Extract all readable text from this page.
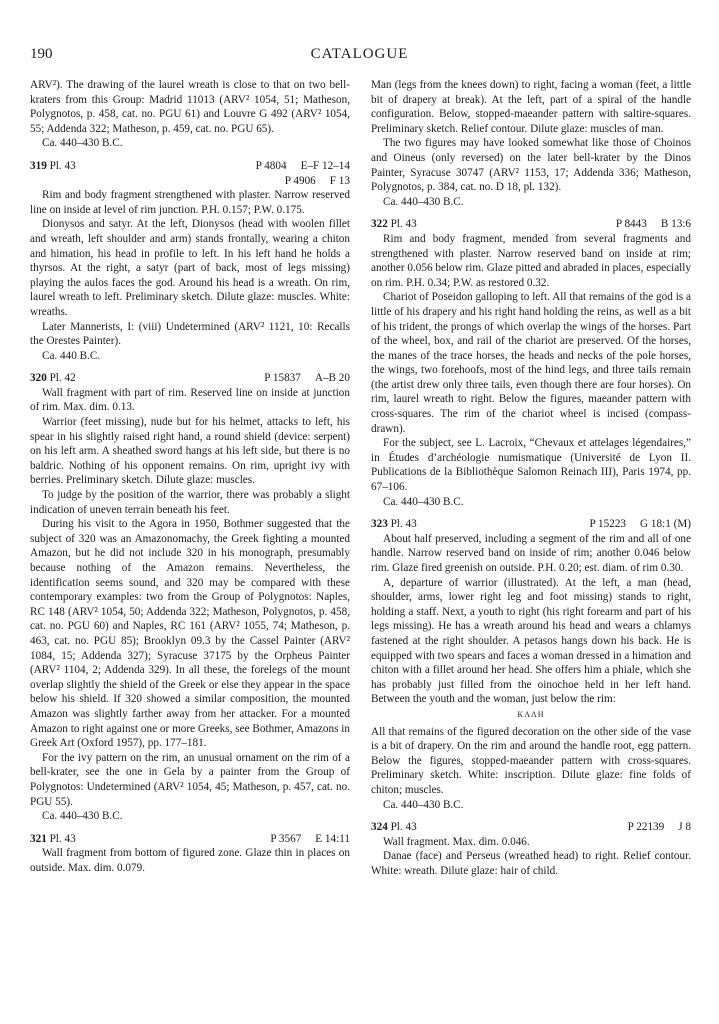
190	CATALOGUE

ARV²). The drawing of the laurel wreath is close to that on two bell-kraters from this Group: Madrid 11013 (ARV² 1054, 51; Matheson, Polygnotos, p. 458, cat. no. PGU 61) and Louvre G 492 (ARV² 1054, 55; Addenda 322; Matheson, p. 459, cat. no. PGU 65).

Ca. 440–430 B.C.

319 Pl. 43	P 4804 E–F 12–14
P 4906 F 13

Rim and body fragment strengthened with plaster. Narrow reserved line on inside at level of rim junction. P.H. 0.157; P.W. 0.175.

Dionysos and satyr. At the left, Dionysos (head with woolen fillet and wreath, left shoulder and arm) stands frontally, wearing a chiton and himation, his head in profile to left. In his left hand he holds a thyrsos. At the right, a satyr (part of back, most of legs missing) playing the aulos faces the god. Around his head is a wreath. On rim, laurel wreath to left. Preliminary sketch. Dilute glaze: muscles. White: wreaths.

Later Mannerists, I: (viii) Undetermined (ARV² 1121, 10: Recalls the Orestes Painter).

Ca. 440 B.C.

320 Pl. 42	P 15837 A–B 20

Wall fragment with part of rim. Reserved line on inside at junction of rim. Max. dim. 0.13.

Warrior (feet missing), nude but for his helmet, attacks to left, his spear in his slightly raised right hand, a round shield (device: serpent) on his left arm. A sheathed sword hangs at his left side, but there is no baldric. Nothing of his opponent remains. On rim, upright ivy with berries. Preliminary sketch. Dilute glaze: muscles.

To judge by the position of the warrior, there was probably a slight indication of uneven terrain beneath his feet.

During his visit to the Agora in 1950, Bothmer suggested that the subject of 320 was an Amazonomachy, the Greek fighting a mounted Amazon, but he did not include 320 in his monograph, presumably because nothing of the Amazon remains. Nevertheless, the identification seems sound, and 320 may be compared with these contemporary examples: two from the Group of Polygnotos: Naples, RC 148 (ARV² 1054, 50; Addenda 322; Matheson, Polygnotos, p. 458, cat. no. PGU 60) and Naples, RC 161 (ARV² 1055, 74; Matheson, p. 463, cat. no. PGU 85); Brooklyn 09.3 by the Cassel Painter (ARV² 1084, 15; Addenda 327); Syracuse 37175 by the Orpheus Painter (ARV² 1104, 2; Addenda 329). In all these, the forelegs of the mount overlap slightly the shield of the Greek or else they appear in the space below his shield. If 320 showed a similar composition, the mounted Amazon was slightly farther away from her attacker. For a mounted Amazon to right against one or more Greeks, see Bothmer, Amazons in Greek Art (Oxford 1957), pp. 177–181.

For the ivy pattern on the rim, an unusual ornament on the rim of a bell-krater, see the one in Gela by a painter from the Group of Polygnotos: Undetermined (ARV² 1054, 45; Matheson, p. 457, cat. no. PGU 55).

Ca. 440–430 B.C.

321 Pl. 43	P 3567 E 14:11

Wall fragment from bottom of figured zone. Glaze thin in places on outside. Max. dim. 0.079.

Man (legs from the knees down) to right, facing a woman (feet, a little bit of drapery at break). At the left, part of a spiral of the handle configuration. Below, stopped-maeander pattern with saltire-squares. Preliminary sketch. Relief contour. Dilute glaze: muscles of man.

The two figures may have looked somewhat like those of Choinos and Oineus (only reversed) on the later bell-krater by the Dinos Painter, Syracuse 30747 (ARV² 1153, 17; Addenda 336; Matheson, Polygnotos, p. 384, cat. no. D 18, pl. 132).

Ca. 440–430 B.C.

322 Pl. 43	P 8443 B 13:6

Rim and body fragment, mended from several fragments and strengthened with plaster. Narrow reserved band on inside at rim; another 0.056 below rim. Glaze pitted and abraded in places, especially on rim. P.H. 0.34; P.W. as restored 0.32.

Chariot of Poseidon galloping to left. All that remains of the god is a little of his drapery and his right hand holding the reins, as well as a bit of his trident, the prongs of which overlap the wings of the horses. Part of the wheel, box, and rail of the chariot are preserved. Of the horses, the manes of the trace horses, the heads and necks of the pole horses, the wings, two forehoofs, most of the hind legs, and three tails remain (the artist drew only three tails, even though there are four horses). On rim, laurel wreath to right. Below the figures, maeander pattern with cross-squares. The rim of the chariot wheel is incised (compass-drawn).

For the subject, see L. Lacroix, “Chevaux et attelages légendaires,” in Études d’archéologie numismatique (Université de Lyon II. Publications de la Bibliothèque Salomon Reinach III), Paris 1974, pp. 67–106.

Ca. 440–430 B.C.

323 Pl. 43	P 15223 G 18:1 (M)

About half preserved, including a segment of the rim and all of one handle. Narrow reserved band on inside of rim; another 0.046 below rim. Glaze fired greenish on outside. P.H. 0.20; est. diam. of rim 0.30.

A, departure of warrior (illustrated). At the left, a man (head, shoulder, arms, lower right leg and foot missing) stands to right, holding a staff. Next, a youth to right (his right forearm and part of his legs missing). He has a wreath around his head and wears a chlamys fastened at the right shoulder. A petasos hangs down his back. He is equipped with two spears and faces a woman dressed in a himation and chiton with a fillet around her head. She offers him a phiale, which she has probably just filled from the oinochoe held in her left hand. Between the youth and the woman, just below the rim:

ΚΑΛΗ

All that remains of the figured decoration on the other side of the vase is a bit of drapery. On the rim and around the handle root, egg pattern. Below the figures, stopped-maeander pattern with cross-squares. Preliminary sketch. White: inscription. Dilute glaze: fine folds of chiton; muscles.

Ca. 440–430 B.C.

324 Pl. 43	P 22139 J 8

Wall fragment. Max. dim. 0.046.

Danae (face) and Perseus (wreathed head) to right. Relief contour. White: wreath. Dilute glaze: hair of child.
